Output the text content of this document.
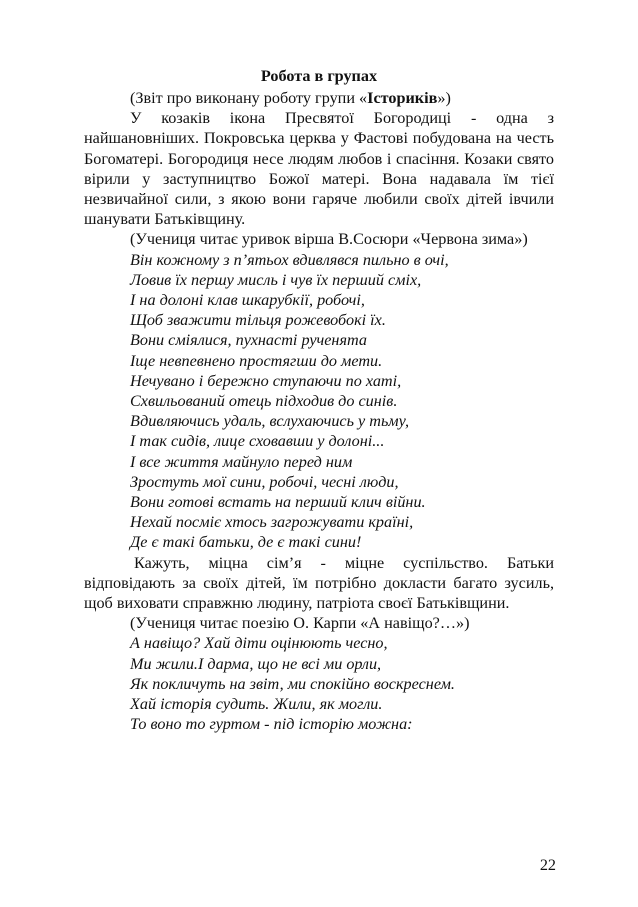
Робота в групах
(Звіт про виконану роботу групи «Істориків»)

У козаків ікона Пресвятої Богородиці - одна з найшановніших. Покровська церква у Фастові побудована на честь Богоматері. Богородиця несе людям любов і спасіння. Козаки свято вірили у заступництво Божої матері. Вона надавала їм тієї незвичайної сили, з якою вони гаряче любили своїх дітей івчили шанувати Батьківщину.

(Учениця читає уривок вірша В.Сосюри «Червона зима»)

Він кожному з п’ятьох вдивлявся пильно в очі,
Ловив їх першу мисль і чув їх перший сміх,
І на долоні клав шкарубкії, робочі,
Щоб зважити тільця рожевобокі їх.
Вони сміялися, пухнасті рученята
Іще невпевнено простягши до мети.
Нечувано і бережно ступаючи по хаті,
Схвильований отець підходив до синів.
Вдивляючись удаль, вслухаючись у тьму,
І так сидів, лице сховавши у долоні...
І все життя майнуло перед ним
Зростуть мої сини, робочі, чесні люди,
Вони готові встать на перший клич війни.
Нехай посміє хтось загрожувати країні,
Де є такі батьки, де є такі сини!

Кажуть, міцна сім’я - міцне суспільство. Батьки відповідають за своїх дітей, їм потрібно докласти багато зусиль, щоб виховати справжню людину, патріота своєї Батьківщини.

(Учениця читає поезію О. Карпи «А навіщо?…»)

А навіщо? Хай діти оцінюють чесно,
Ми жили.І дарма, що не всі ми орли,
Як покличуть на звіт, ми спокійно воскреснем.
Хай історія судить. Жили, як могли.
То воно то гуртом - під історію можна:
22
